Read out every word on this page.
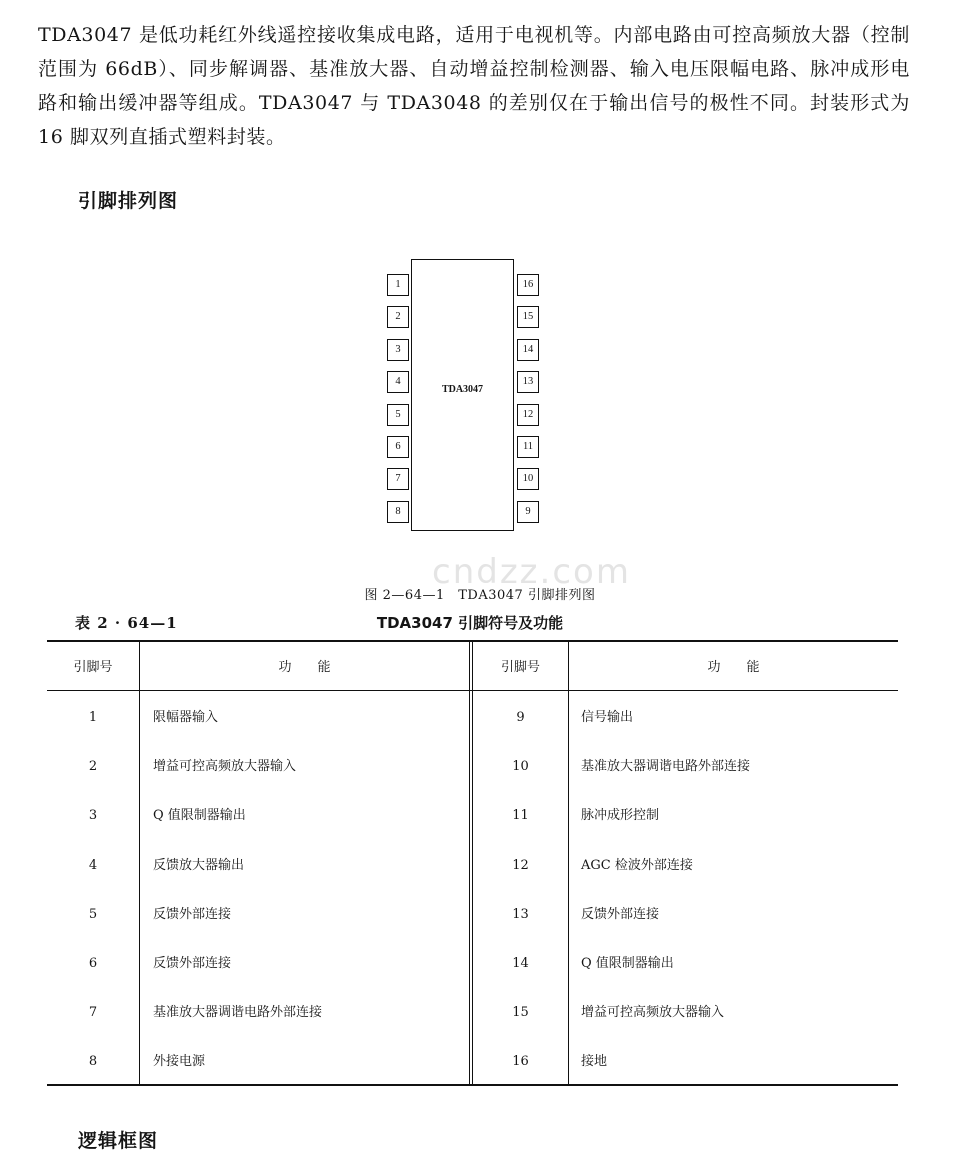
TDA3047 是低功耗红外线遥控接收集成电路，适用于电视机等。内部电路由可控高频放大器（控制范围为 66dB）、同步解调器、基准放大器、自动增益控制检测器、输入电压限幅电路、脉冲成形电路和输出缓冲器等组成。TDA3047 与 TDA3048 的差别仅在于输出信号的极性不同。封装形式为 16 脚双列直插式塑料封装。

引脚排列图
TDA3047
1	16
2	15
3	14
4	13
5	12
6	11
7	10
8	9
cndzz.com

图 2—64—1　TDA3047 引脚排列图

表 2 · 64—1	TDA3047 引脚符号及功能
引脚号	功　　能	引脚号	功　　能
1	限幅器输入	9	信号输出
2	增益可控高频放大器输入	10	基准放大器调谐电路外部连接
3	Q 值限制器输出	11	脉冲成形控制
4	反馈放大器输出	12	AGC 检波外部连接
5	反馈外部连接	13	反馈外部连接
6	反馈外部连接	14	Q 值限制器输出
7	基准放大器调谐电路外部连接	15	增益可控高频放大器输入
8	外接电源	16	接地
逻辑框图
